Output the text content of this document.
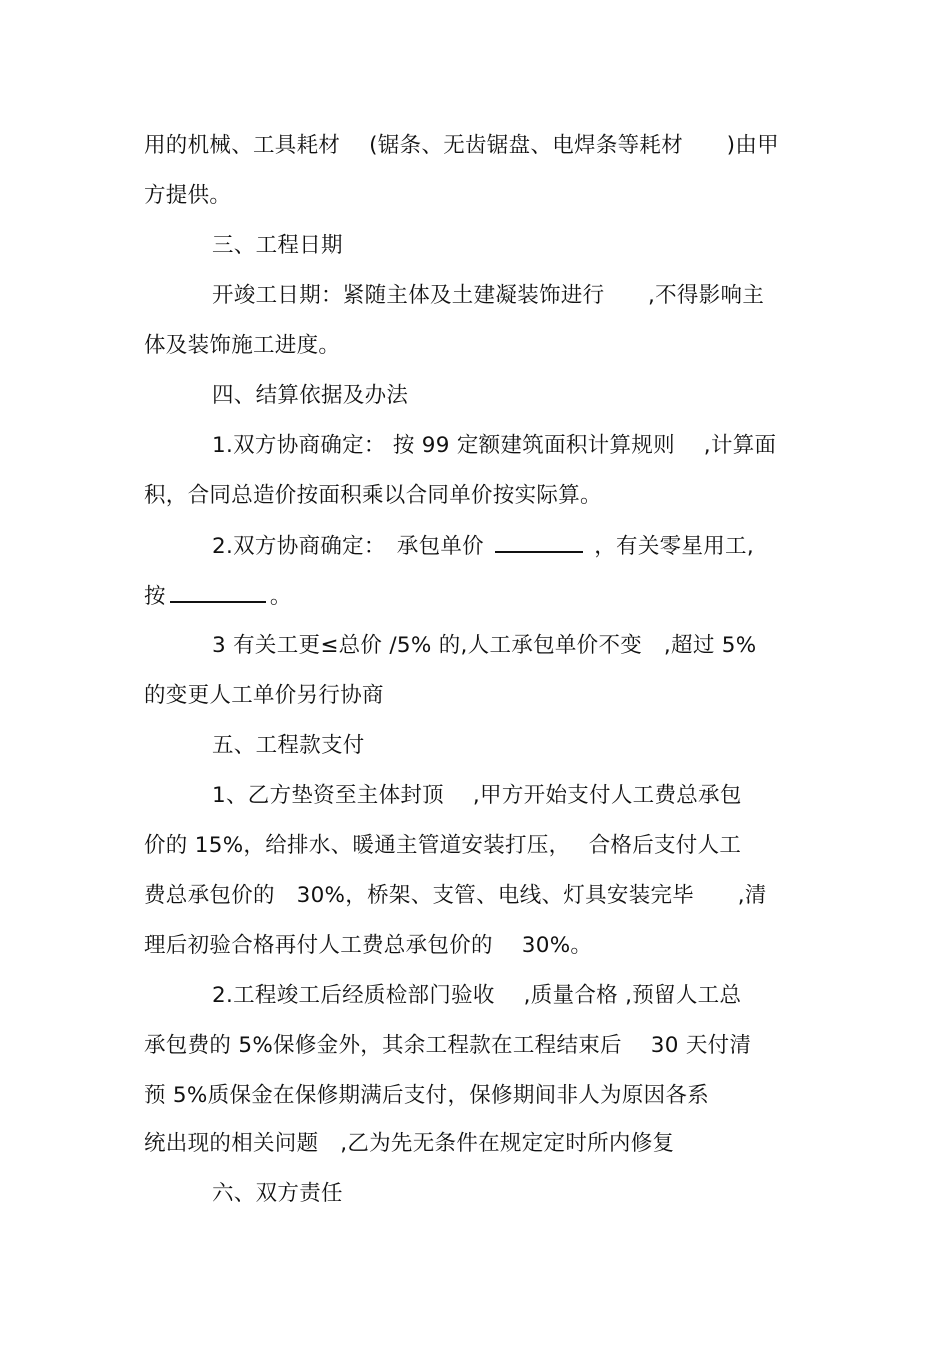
用的机械、工具耗材　 (锯条、无齿锯盘、电焊条等耗材　　)由甲
方提供。
三、工程日期
开竣工日期：紧随主体及土建凝装饰进行　　,不得影响主
体及装饰施工进度。
四、结算依据及办法
1.双方协商确定： 按 99 定额建筑面积计算规则　 ,计算面
积，合同总造价按面积乘以合同单价按实际算。
2.双方协商确定：　承包单价	，有关零星用工,
按	。
3 有关工更≤总价 /5% 的,人工承包单价不变　,超过 5%
的变更人工单价另行协商
五、工程款支付
1、乙方垫资至主体封顶　 ,甲方开始支付人工费总承包
价的 15%，给排水、暖通主管道安装打压，　 合格后支付人工
费总承包价的　30%，桥架、支管、电线、灯具安装完毕　　,清
理后初验合格再付人工费总承包价的　 30%。
2.工程竣工后经质检部门验收　 ,质量合格 ,预留人工总
承包费的 5%保修金外，其余工程款在工程结束后　 30 天付清
预 5%质保金在保修期满后支付，保修期间非人为原因各系
统出现的相关问题　,乙为先无条件在规定定时所内修复
六、双方责任
